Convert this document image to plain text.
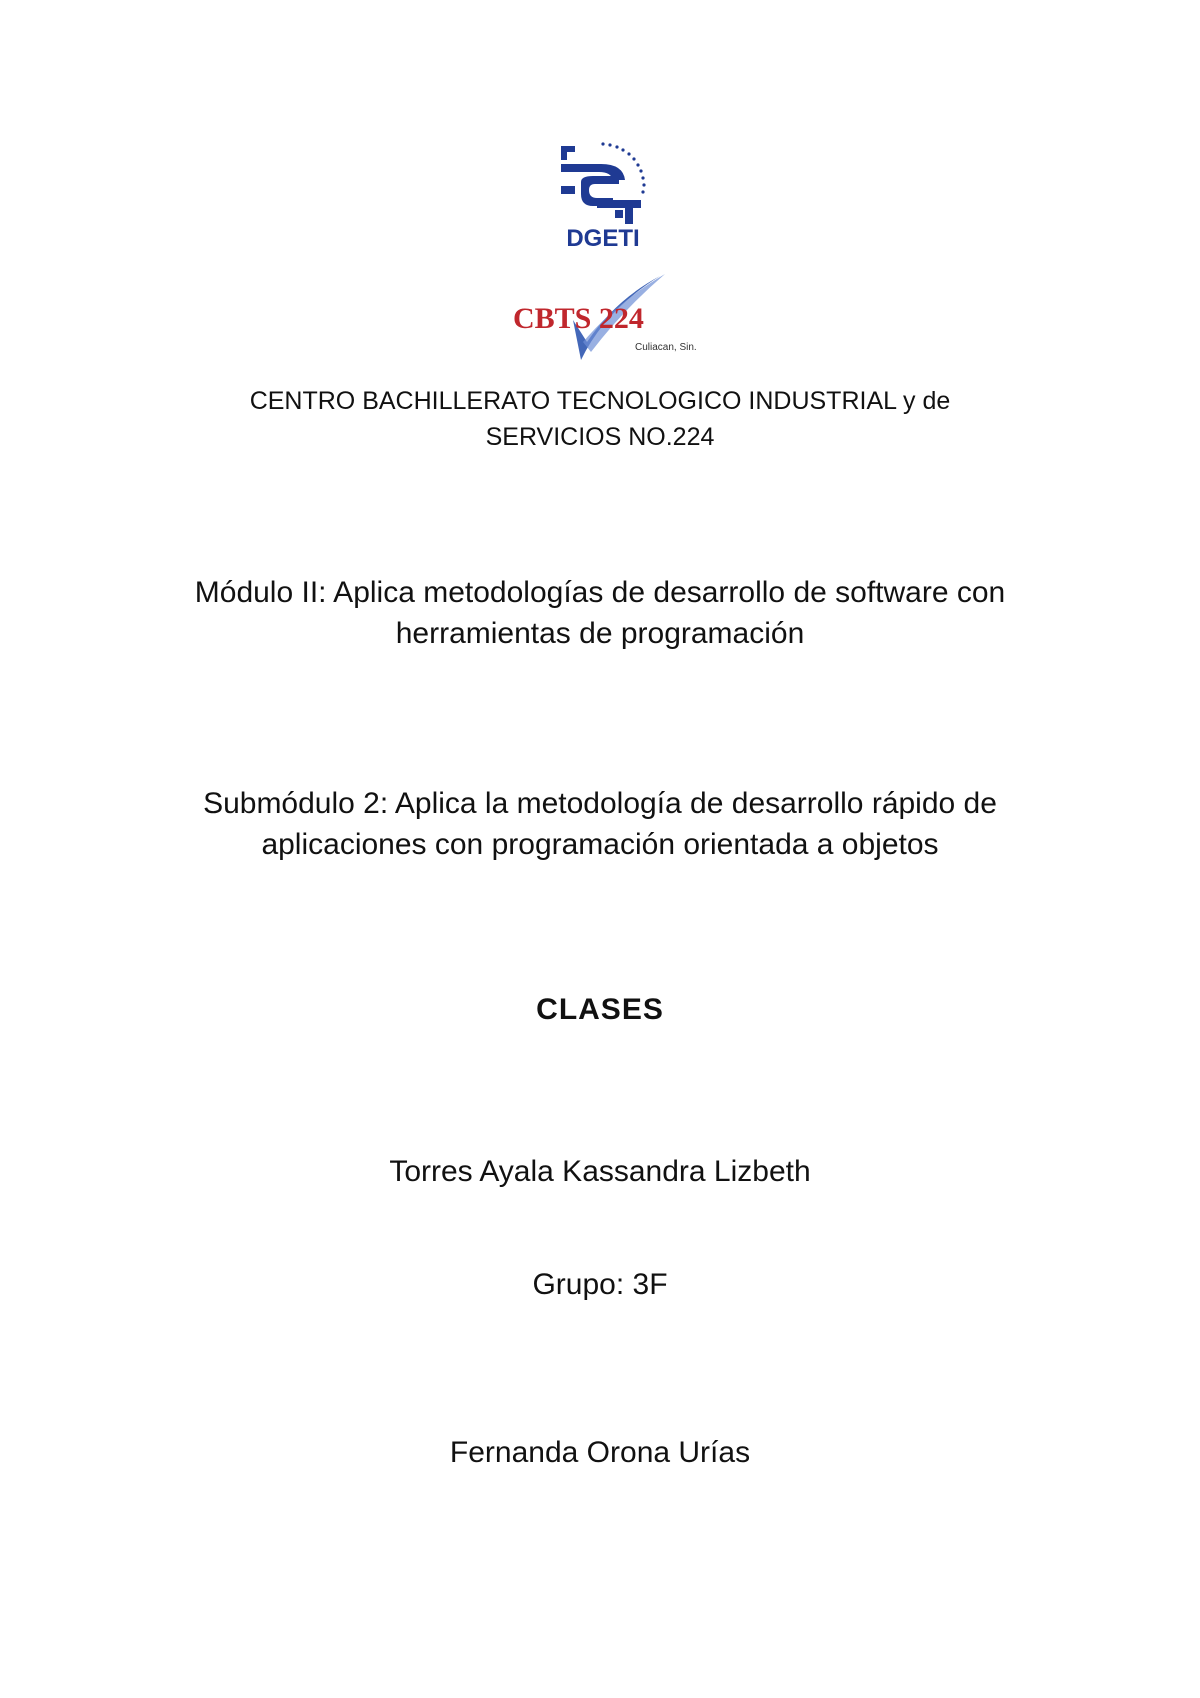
DGETI
CBTS 224
Culiacan, Sin.
CENTRO BACHILLERATO TECNOLOGICO INDUSTRIAL y de
SERVICIOS NO.224
Módulo II: Aplica metodologías de desarrollo de software con
herramientas de programación
Submódulo 2: Aplica la metodología de desarrollo rápido de
aplicaciones con programación orientada a objetos
CLASES
Torres Ayala Kassandra Lizbeth
Grupo: 3F
Fernanda Orona Urías
